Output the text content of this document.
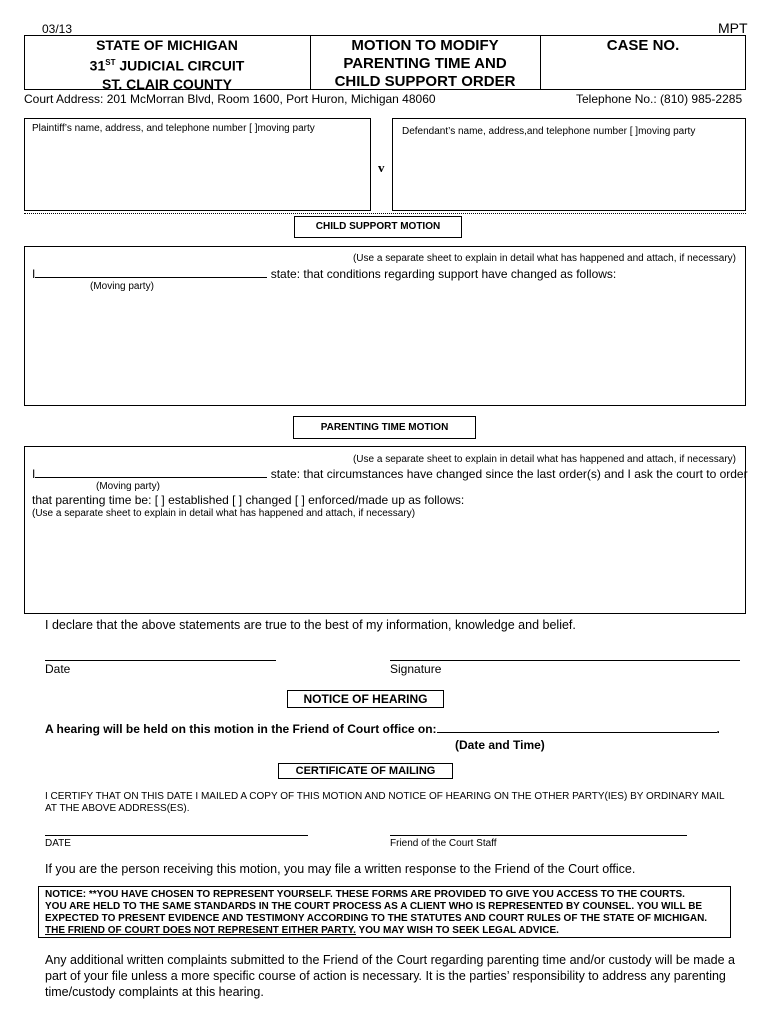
03/13	MPT
STATE OF MICHIGAN
31ST JUDICIAL CIRCUIT
ST. CLAIR COUNTY
MOTION TO MODIFY
PARENTING TIME AND
CHILD SUPPORT ORDER
CASE NO.
Court Address: 201 McMorran Blvd, Room 1600, Port Huron, Michigan 48060	Telephone No.: (810) 985-2285
Plaintiff’s name, address, and telephone number [ ]moving party
v
Defendant’s name, address,and telephone number [ ]moving party
CHILD SUPPORT MOTION
(Use a separate sheet to explain in detail what has happened and attach, if necessary)
I	state: that conditions regarding support have changed as follows:
(Moving party)
PARENTING TIME MOTION
(Use a separate sheet to explain in detail what has happened and attach, if necessary)
I	state: that circumstances have changed since the last order(s) and I ask the court to order
(Moving party)
that parenting time be: [ ] established [ ] changed [ ] enforced/made up as follows:
(Use a separate sheet to explain in detail what has happened and attach, if necessary)
I declare that the above statements are true to the best of my information, knowledge and belief.
Date	Signature
NOTICE OF HEARING
A hearing will be held on this motion in the Friend of Court office on:	.
(Date and Time)
CERTIFICATE OF MAILING
I CERTIFY THAT ON THIS DATE I MAILED A COPY OF THIS MOTION AND NOTICE OF HEARING ON THE OTHER PARTY(IES) BY ORDINARY MAIL
AT THE ABOVE ADDRESS(ES).
DATE	Friend of the Court Staff
If you are the person receiving this motion, you may file a written response to the Friend of the Court office.
NOTICE: **YOU HAVE CHOSEN TO REPRESENT YOURSELF. THESE FORMS ARE PROVIDED TO GIVE YOU ACCESS TO THE COURTS.
YOU ARE HELD TO THE SAME STANDARDS IN THE COURT PROCESS AS A CLIENT WHO IS REPRESENTED BY COUNSEL. YOU WILL BE
EXPECTED TO PRESENT EVIDENCE AND TESTIMONY ACCORDING TO THE STATUTES AND COURT RULES OF THE STATE OF MICHIGAN.
THE FRIEND OF COURT DOES NOT REPRESENT EITHER PARTY. YOU MAY WISH TO SEEK LEGAL ADVICE.
Any additional written complaints submitted to the Friend of the Court regarding parenting time and/or custody will be made a
part of your file unless a more specific course of action is necessary. It is the parties’ responsibility to address any parenting
time/custody complaints at this hearing.
